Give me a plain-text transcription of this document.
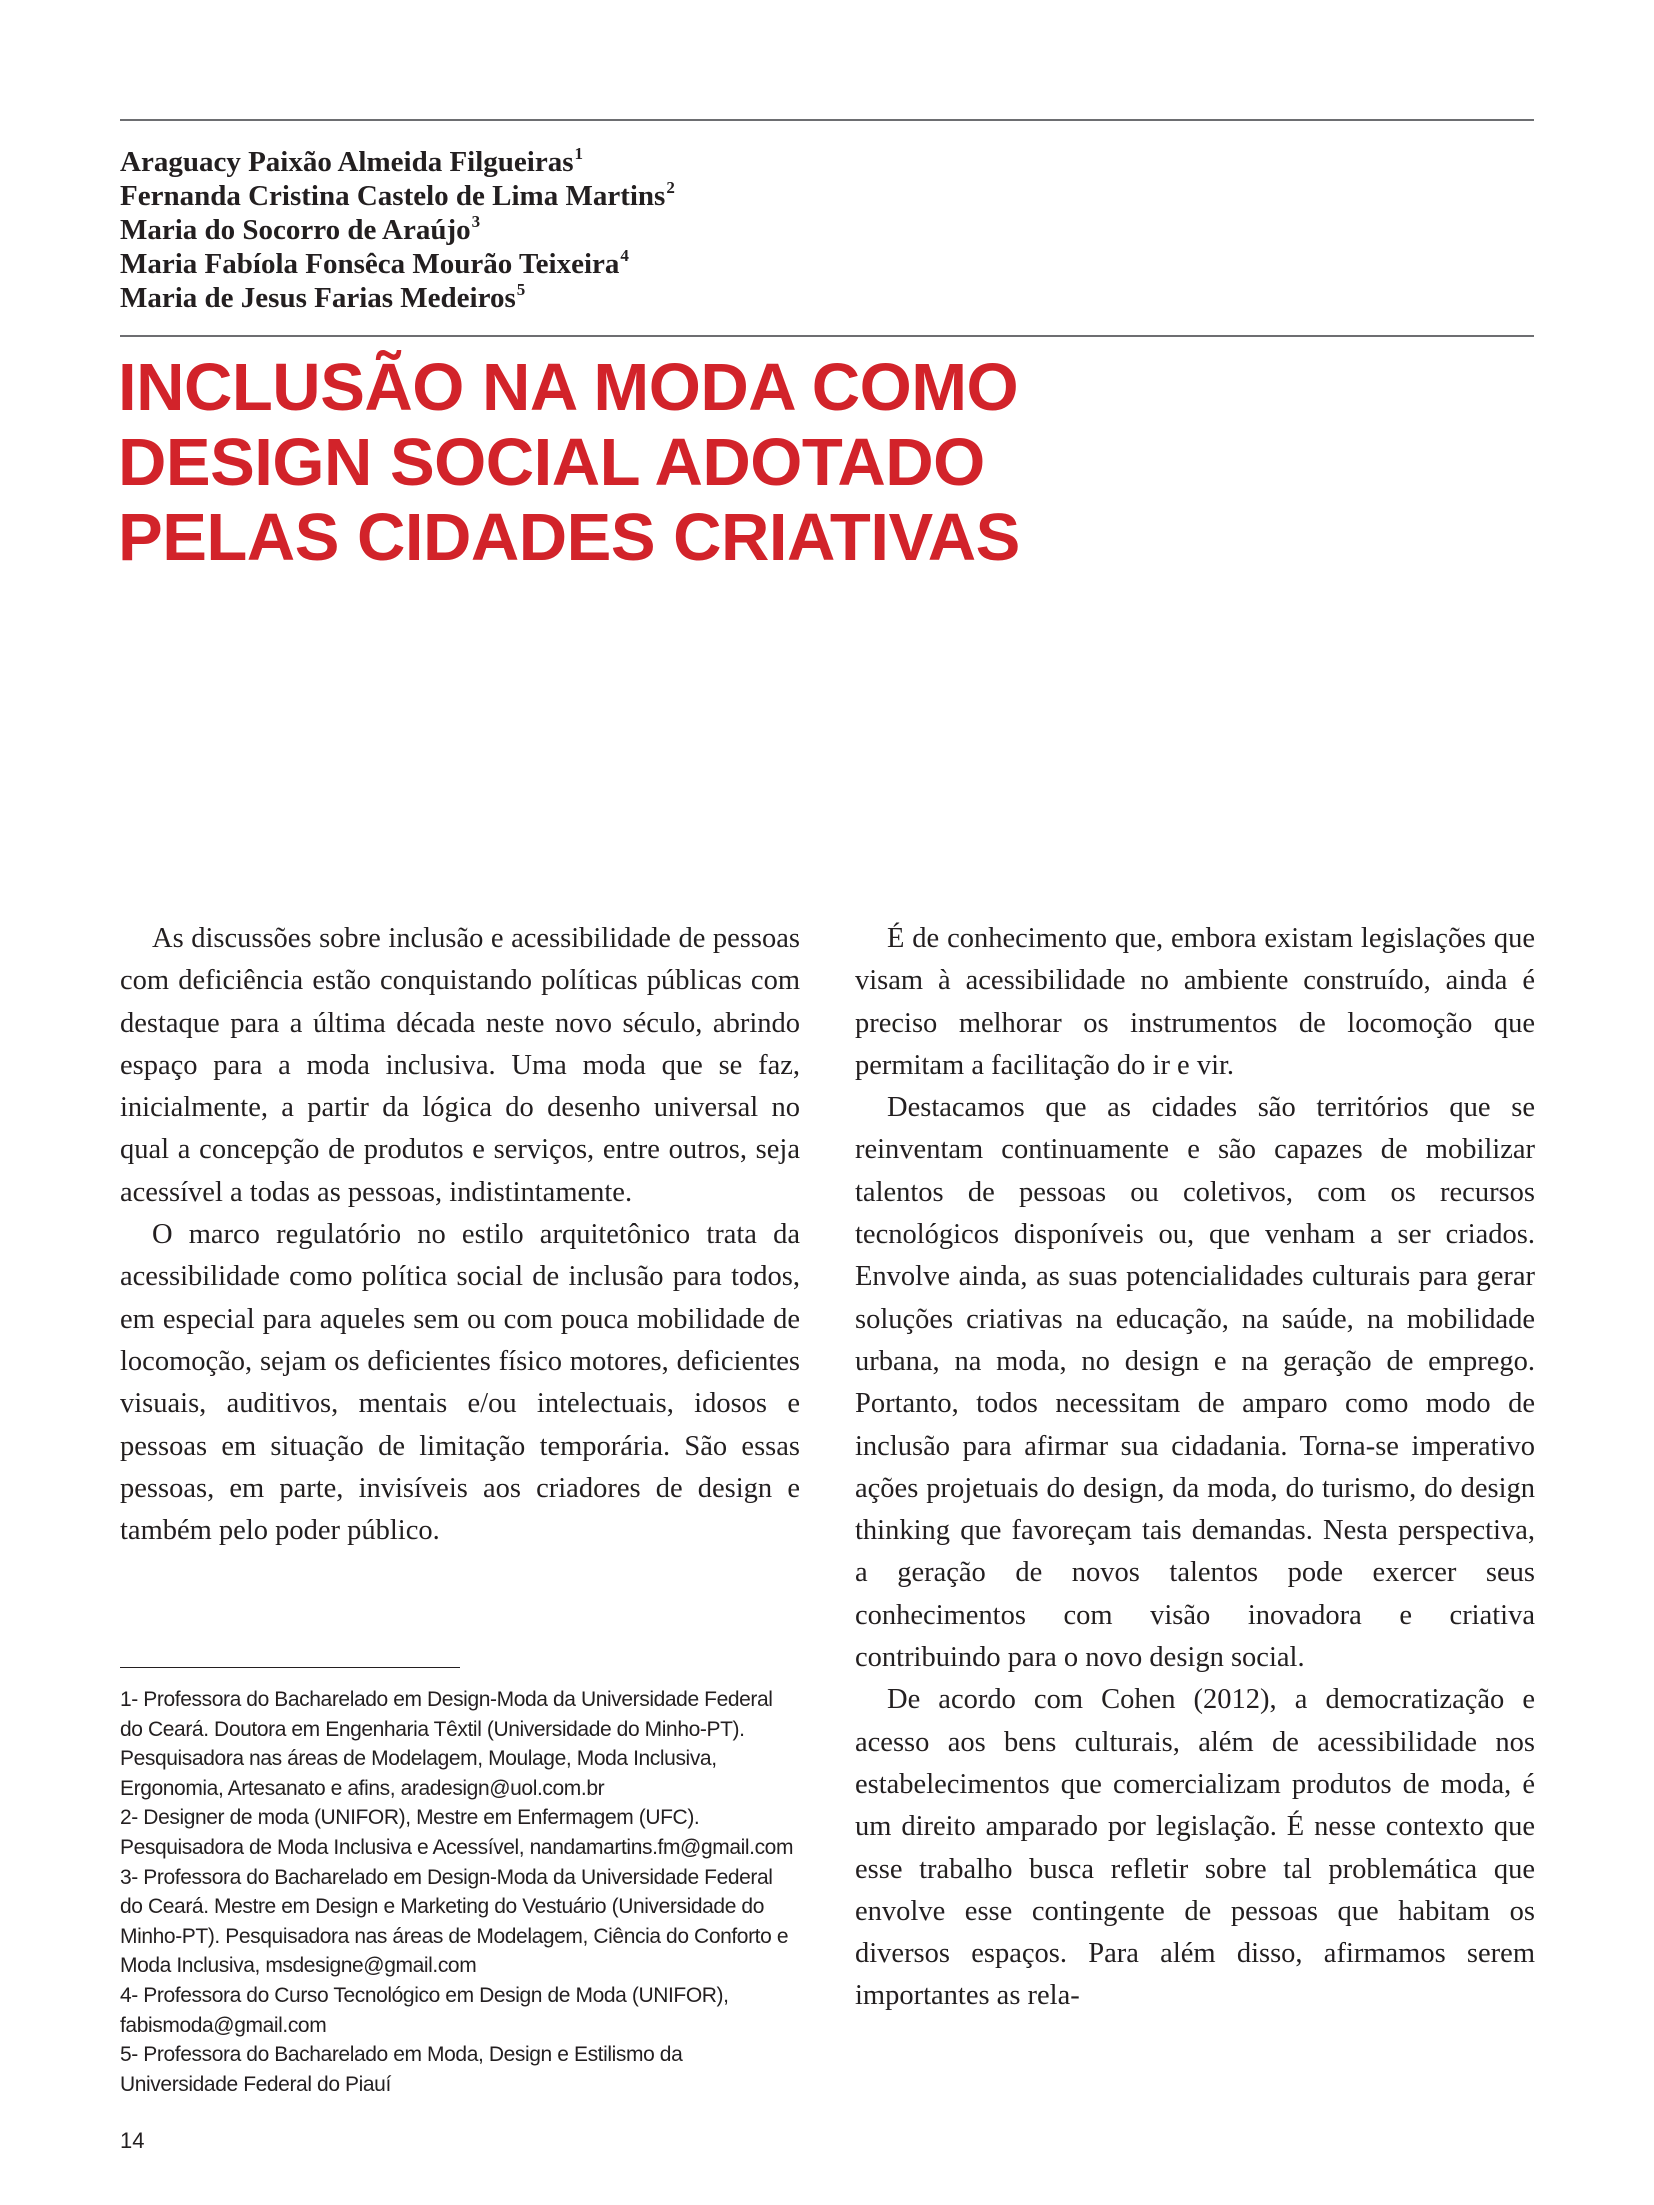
Araguacy Paixão Almeida Filgueiras$^1$
Fernanda Cristina Castelo de Lima Martins$^2$
Maria do Socorro de Araújo$^3$
Maria Fabíola Fonsêca Mourão Teixeira$^4$
Maria de Jesus Farias Medeiros$^5$
INCLUSÃO NA MODA COMO
DESIGN SOCIAL ADOTADO
PELAS CIDADES CRIATIVAS

As discussões sobre inclusão e acessibilidade de pessoas com deficiência estão conquistando políticas públicas com destaque para a última década neste novo século, abrindo espaço para a moda inclusiva. Uma moda que se faz, inicialmente, a partir da lógica do desenho universal no qual a concepção de produtos e serviços, entre outros, seja acessível a todas as pessoas, indistintamente.

O marco regulatório no estilo arquitetônico trata da acessibilidade como política social de inclusão para todos, em especial para aqueles sem ou com pouca mobilidade de locomoção, sejam os deficientes físico motores, deficientes visuais, auditivos, mentais e/ou intelectuais, idosos e pessoas em situação de limitação temporária. São essas pessoas, em parte, invisíveis aos criadores de design e também pelo poder público.

1- Professora do Bacharelado em Design-Moda da Universidade Federal do Ceará. Doutora em Engenharia Têxtil (Universidade do Minho-PT). Pesquisadora nas áreas de Modelagem, Moulage, Moda Inclusiva, Ergonomia, Artesanato e afins, aradesign@uol.com.br

2- Designer de moda (UNIFOR), Mestre em Enfermagem (UFC). Pesquisadora de Moda Inclusiva e Acessível, nandamartins.fm@gmail.com

3- Professora do Bacharelado em Design-Moda da Universidade Federal do Ceará. Mestre em Design e Marketing do Vestuário (Universidade do Minho-PT). Pesquisadora nas áreas de Modelagem, Ciência do Conforto e Moda Inclusiva, msdesigne@gmail.com

4- Professora do Curso Tecnológico em Design de Moda (UNIFOR), fabismoda@gmail.com

5- Professora do Bacharelado em Moda, Design e Estilismo da Universidade Federal do Piauí

É de conhecimento que, embora existam legislações que visam à acessibilidade no ambiente construído, ainda é preciso melhorar os instrumentos de locomoção que permitam a facilitação do ir e vir.

Destacamos que as cidades são territórios que se reinventam continuamente e são capazes de mobilizar talentos de pessoas ou coletivos, com os recursos tecnológicos disponíveis ou, que venham a ser criados. Envolve ainda, as suas potencialidades culturais para gerar soluções criativas na educação, na saúde, na mobilidade urbana, na moda, no design e na geração de emprego. Portanto, todos necessitam de amparo como modo de inclusão para afirmar sua cidadania. Torna-se imperativo ações projetuais do design, da moda, do turismo, do design thinking que favoreçam tais demandas. Nesta perspectiva, a geração de novos talentos pode exercer seus conhecimentos com visão inovadora e criativa contribuindo para o novo design social.

De acordo com Cohen (2012), a democratização e acesso aos bens culturais, além de acessibilidade nos estabelecimentos que comercializam produtos de moda, é um direito amparado por legislação. É nesse contexto que esse trabalho busca refletir sobre tal problemática que envolve esse contingente de pessoas que habitam os diversos espaços. Para além disso, afirmamos serem importantes as rela-

14
